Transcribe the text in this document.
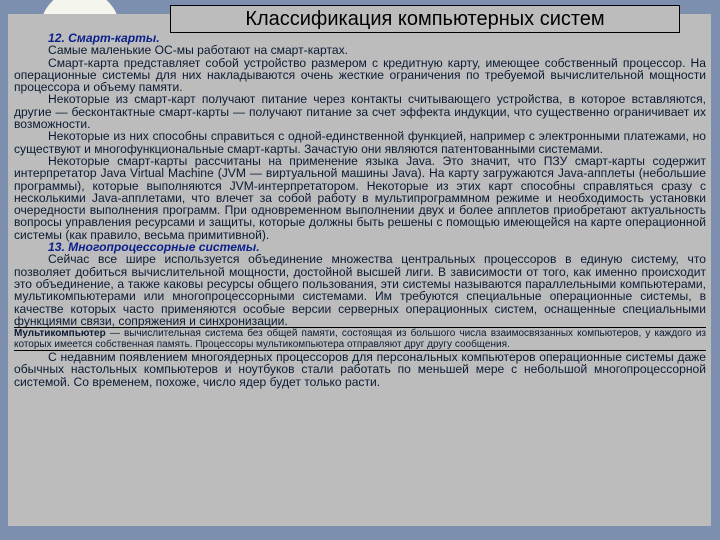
Классификация компьютерных систем

12. Смарт-карты.

Самые маленькие ОС-мы работают на смарт-картах.

Смарт-карта представляет собой устройство размером с кредитную карту, имеющее собственный процессор. На операционные системы для них накладываются очень жесткие ограничения по требуемой вычислительной мощности процессора и объему памяти.

Некоторые из смарт-карт получают питание через контакты считывающего устройства, в которое вставляются, другие — бесконтактные смарт-карты — получают питание за счет эффекта индукции, что существенно ограничивает их возможности.

Некоторые из них способны справиться с одной-единственной функцией, например с электронными платежами, но существуют и многофункциональные смарт-карты. Зачастую они являются патентованными системами.

Некоторые смарт-карты рассчитаны на применение языка Java. Это значит, что ПЗУ смарт-карты содержит интерпретатор Java Virtual Machine (JVM — виртуальной машины Java). На карту загружаются Java-апплеты (небольшие программы), которые выполняются JVM-интерпретатором. Некоторые из этих карт способны справляться сразу с несколькими Java-апплетами, что влечет за собой работу в мультипрограммном режиме и необходимость установки очередности выполнения программ. При одновременном выполнении двух и более апплетов приобретают актуальность вопросы управления ресурсами и защиты, которые должны быть решены с помощью имеющейся на карте операционной системы (как правило, весьма примитивной).

13. Многопроцессорные системы.

Сейчас все шире используется объединение множества центральных процессоров в единую систему, что позволяет добиться вычислительной мощности, достойной высшей лиги. В зависимости от того, как именно происходит это объединение, а также каковы ресурсы общего пользования, эти системы называются параллельными компьютерами, мультикомпьютерами или многопроцессорными системами. Им требуются специальные операционные системы, в качестве которых часто применяются особые версии серверных операционных систем, оснащенные специальными функциями связи, сопряжения и синхронизации.

Мультикомпьютер — вычислительная система без общей памяти, состоящая из большого числа взаимосвязанных компьютеров, у каждого из которых имеется собственная память. Процессоры мультикомпьютера отправляют друг другу сообщения.

С недавним появлением многоядерных процессоров для персональных компьютеров операционные системы даже обычных настольных компьютеров и ноутбуков стали работать по меньшей мере с небольшой многопроцессорной системой. Со временем, похоже, число ядер будет только расти.
